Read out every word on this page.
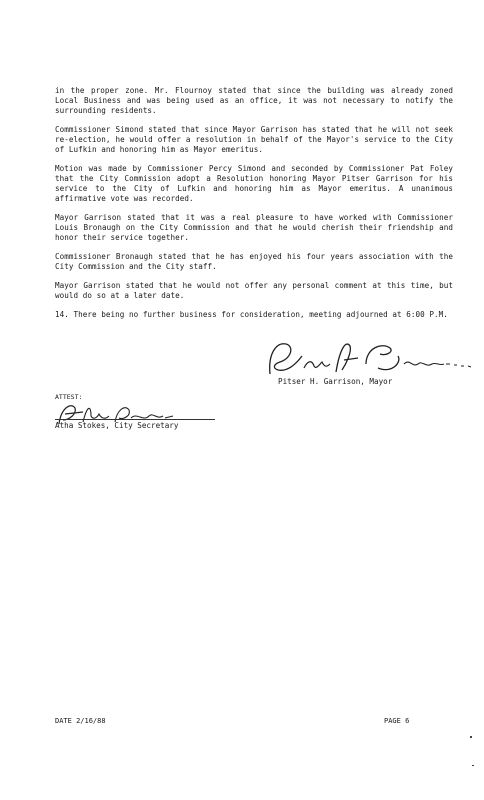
in the proper zone. Mr. Flournoy stated that since the building was already zoned Local Business and was being used as an office, it was not necessary to notify the surrounding residents.

Commissioner Simond stated that since Mayor Garrison has stated that he will not seek re-election, he would offer a resolution in behalf of the Mayor's service to the City of Lufkin and honoring him as Mayor emeritus.

Motion was made by Commissioner Percy Simond and seconded by Commissioner Pat Foley that the City Commission adopt a Resolution honoring Mayor Pitser Garrison for his service to the City of Lufkin and honoring him as Mayor emeritus. A unanimous affirmative vote was recorded.

Mayor Garrison stated that it was a real pleasure to have worked with Commissioner Louis Bronaugh on the City Commission and that he would cherish their friendship and honor their service together.

Commissioner Bronaugh stated that he has enjoyed his four years association with the City Commission and the City staff.

Mayor Garrison stated that he would not offer any personal comment at this time, but would do so at a later date.

14. There being no further business for consideration, meeting adjourned at 6:00 P.M.

Pitser H. Garrison, Mayor
ATTEST:
Atha Stokes, City Secretary
DATE 2/16/88	PAGE 6
